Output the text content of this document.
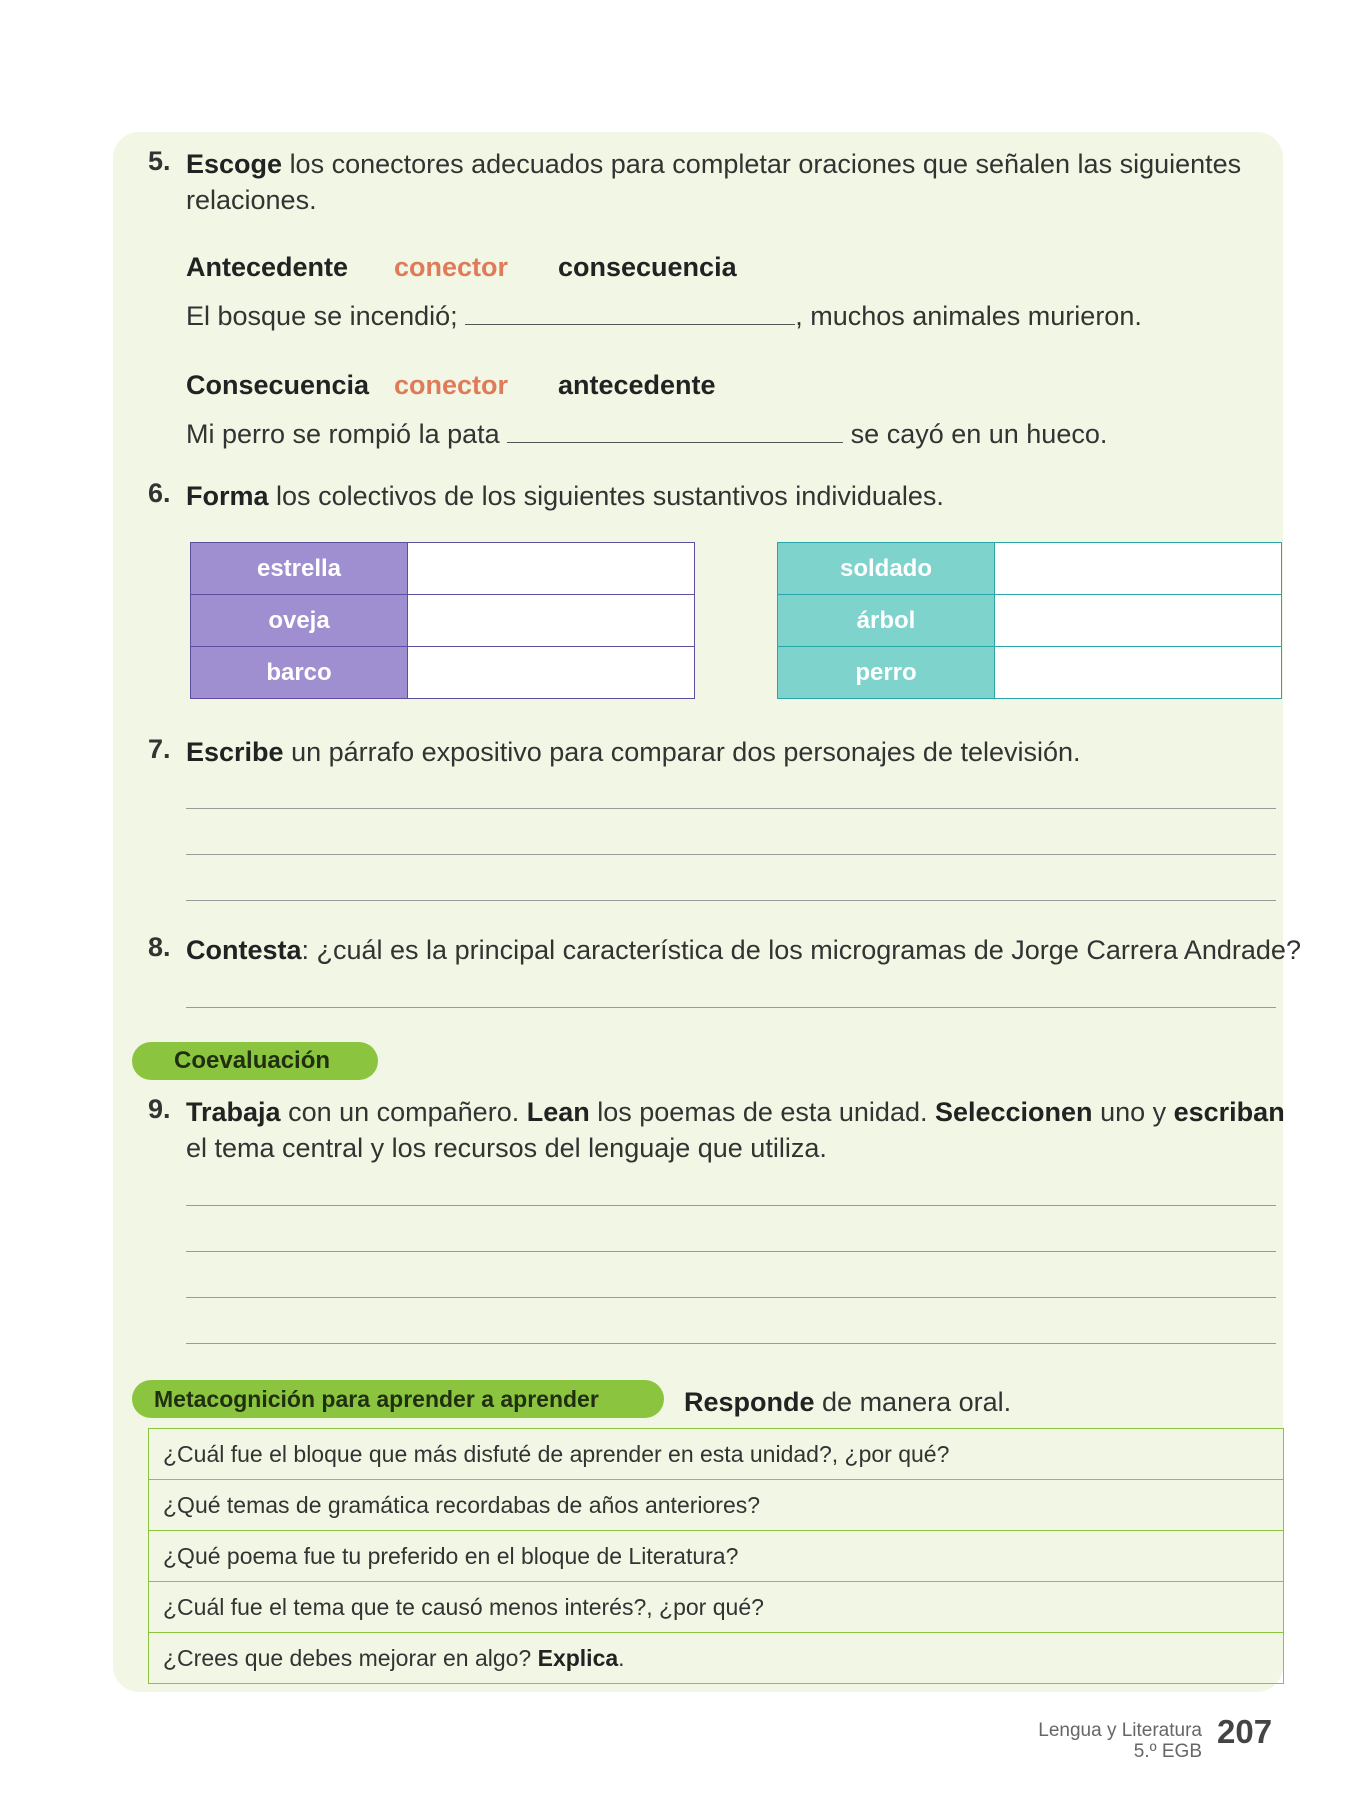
5. Escoge los conectores adecuados para completar oraciones que señalen las siguientes relaciones.
Antecedente conector consecuencia
El bosque se incendió;	, muchos animales murieron.
Consecuencia conector antecedente
Mi perro se rompió la pata	se cayó en un hueco.
6. Forma los colectivos de los siguientes sustantivos individuales.
estrella	
oveja	
barco	
soldado	
árbol	
perro	
7. Escribe un párrafo expositivo para comparar dos personajes de televisión.
8. Contesta: ¿cuál es la principal característica de los microgramas de Jorge Carrera Andrade?
Coevaluación
9. Trabaja con un compañero. Lean los poemas de esta unidad. Seleccionen uno y escriban
el tema central y los recursos del lenguaje que utiliza.
Metacognición para aprender a aprender	Responde de manera oral.
¿Cuál fue el bloque que más disfuté de aprender en esta unidad?, ¿por qué?
¿Qué temas de gramática recordabas de años anteriores?
¿Qué poema fue tu preferido en el bloque de Literatura?
¿Cuál fue el tema que te causó menos interés?, ¿por qué?
¿Crees que debes mejorar en algo? Explica.
Lengua y Literatura
5.º EGB
207
